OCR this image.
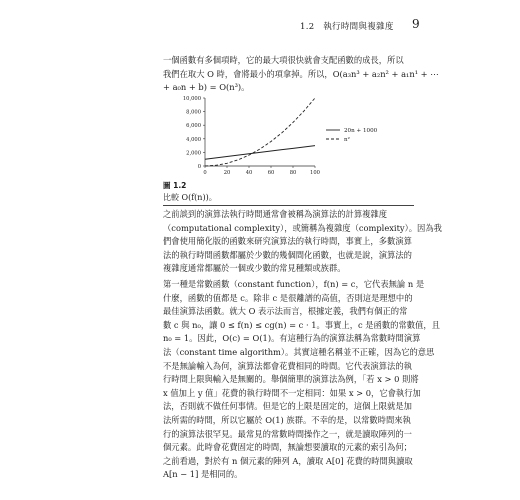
1.2　執行時間與複雜度 9
一個函數有多個項時，它的最大項很快就會支配函數的成長，所以
我們在取大 O 時，會將最小的項拿掉。所以，O(a₃n³ + a₂n² + a₁n¹ + ⋯
+ a₀n + b) = O(n³)。
0
2,000
4,000
6,000
8,000
10,000
0	20	40	60	80	100
20n + 1000
n²
圖 1.2
比較 O(f(n))。
之前談到的演算法執行時間通常會被稱為演算法的計算複雜度
（computational complexity），或簡稱為複雜度（complexity）。因為我
們會使用簡化版的函數來研究演算法的執行時間，事實上，多數演算
法的執行時間函數都屬於少數的幾個間化函數，也就是說，演算法的
複雜度通常都屬於一個或少數的常見種類或族群。
第一種是常數函數（constant function），f(n) = c，它代表無論 n 是
什麼，函數的值都是 c。除非 c 是很離譜的高值，否則這是理想中的
最佳演算法函數。就大 O 表示法而言，根據定義，我們有個正的常
數 c 與 n₀，讓 0 ≤ f(n) ≤ cg(n) = c · 1。事實上，c 是函數的常數值，且
n₀ = 1。因此，O(c) = O(1)。有這種行為的演算法稱為常數時間演算
法（constant time algorithm）。其實這種名稱並不正確，因為它的意思
不是無論輸入為何，演算法都會花費相同的時間。它代表演算法的執
行時間上限與輸入是無關的。舉個簡單的演算法為例，「若 x > 0 則將
x 值加上 y 值」花費的執行時間不一定相同：如果 x > 0，它會執行加
法，否則就不做任何事情。但是它的上限是固定的，這個上限就是加
法所需的時間，所以它屬於 O(1) 族群。不幸的是，以常數時間來執
行的演算法很罕見。最常見的常數時間操作之一，就是讀取陣列的一
個元素。此時會花費固定的時間，無論想要讀取的元素的索引為何；
之前看過，對於有 n 個元素的陣列 A，讀取 A[0] 花費的時間與讀取
A[n − 1] 是相同的。
